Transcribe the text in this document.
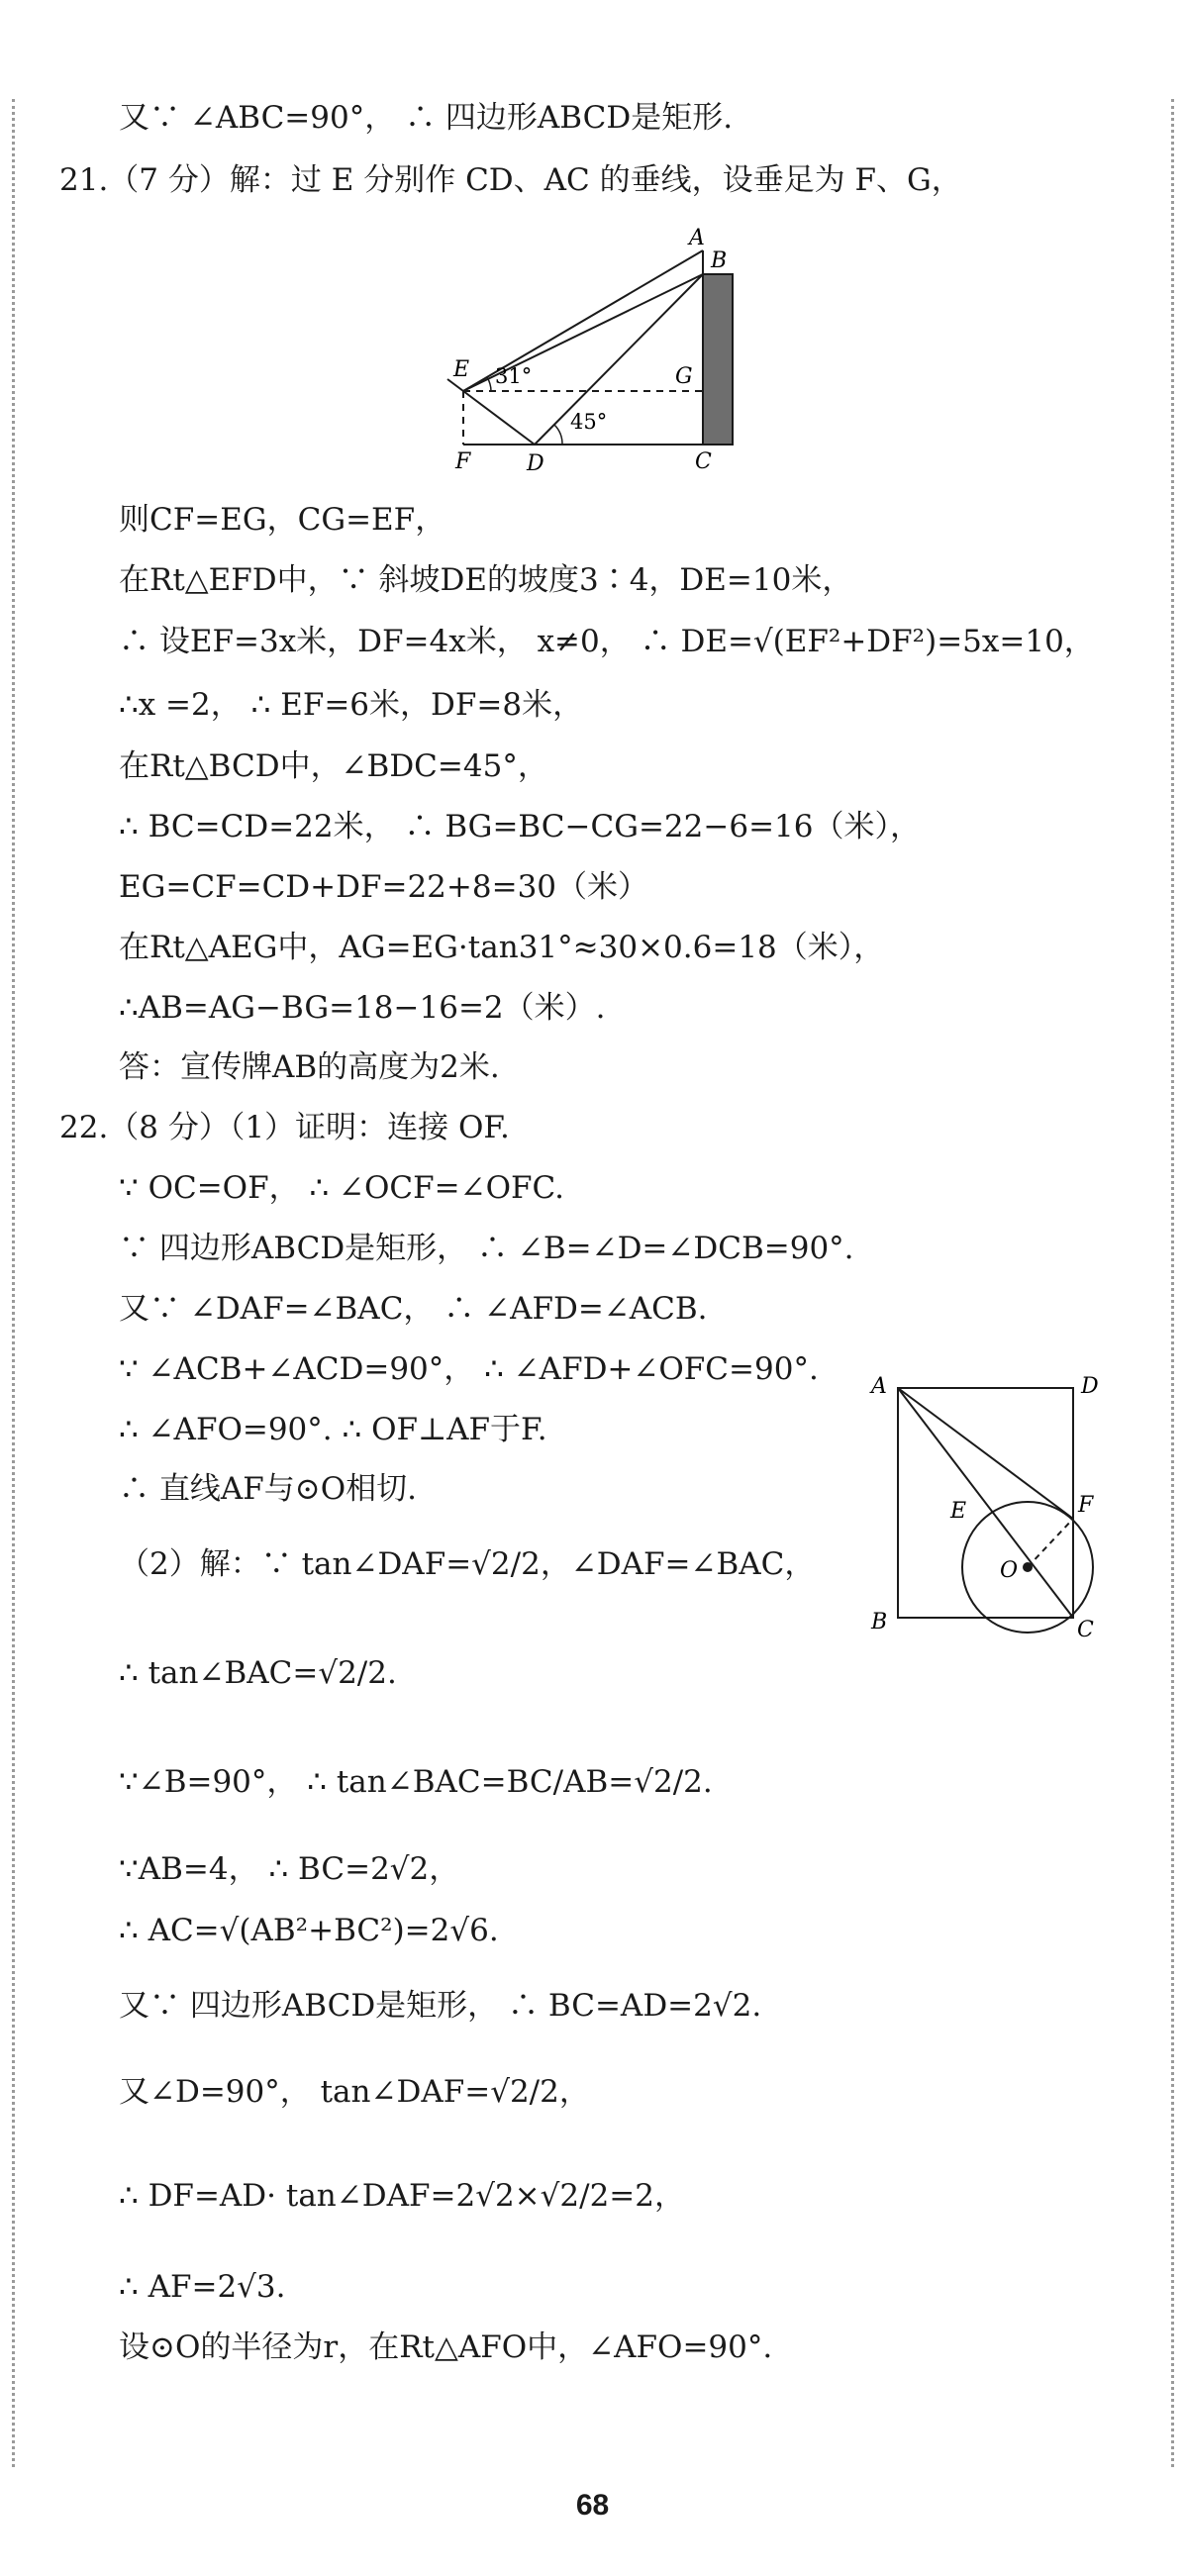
又∵ ∠ABC=90°， ∴ 四边形ABCD是矩形.
21.（7 分）解：过 E 分别作 CD、AC 的垂线，设垂足为 F、G，
A
B
E	G
F	D	C
31°
45°
则CF=EG，CG=EF，
在Rt△EFD中，∵ 斜坡DE的坡度3∶4，DE=10米，
∴ 设EF=3x米，DF=4x米， x≠0， ∴ DE=√(EF²+DF²)=5x=10，
∴x =2， ∴ EF=6米，DF=8米，
在Rt△BCD中，∠BDC=45°，
∴ BC=CD=22米， ∴ BG=BC−CG=22−6=16（米），
EG=CF=CD+DF=22+8=30（米）
在Rt△AEG中，AG=EG·tan31°≈30×0.6=18（米），
∴AB=AG−BG=18−16=2（米）.
答：宣传牌AB的高度为2米.
22.（8 分）（1）证明：连接 OF.
∵ OC=OF， ∴ ∠OCF=∠OFC.
∵ 四边形ABCD是矩形， ∴ ∠B=∠D=∠DCB=90°.
又∵ ∠DAF=∠BAC， ∴ ∠AFD=∠ACB.
∵ ∠ACB+∠ACD=90°， ∴ ∠AFD+∠OFC=90°.
∴ ∠AFO=90°. ∴ OF⊥AF于F.
∴ 直线AF与⊙O相切.
A	D
E	F
O
B	C
（2）解：∵ tan∠DAF=√2/2，∠DAF=∠BAC，
∴ tan∠BAC=√2/2.
∵∠B=90°， ∴ tan∠BAC=BC/AB=√2/2.
∵AB=4， ∴ BC=2√2，
∴ AC=√(AB²+BC²)=2√6.
又∵ 四边形ABCD是矩形， ∴ BC=AD=2√2.
又∠D=90°， tan∠DAF=√2/2，
∴ DF=AD· tan∠DAF=2√2×√2/2=2，
∴ AF=2√3.
设⊙O的半径为r，在Rt△AFO中，∠AFO=90°.
68
